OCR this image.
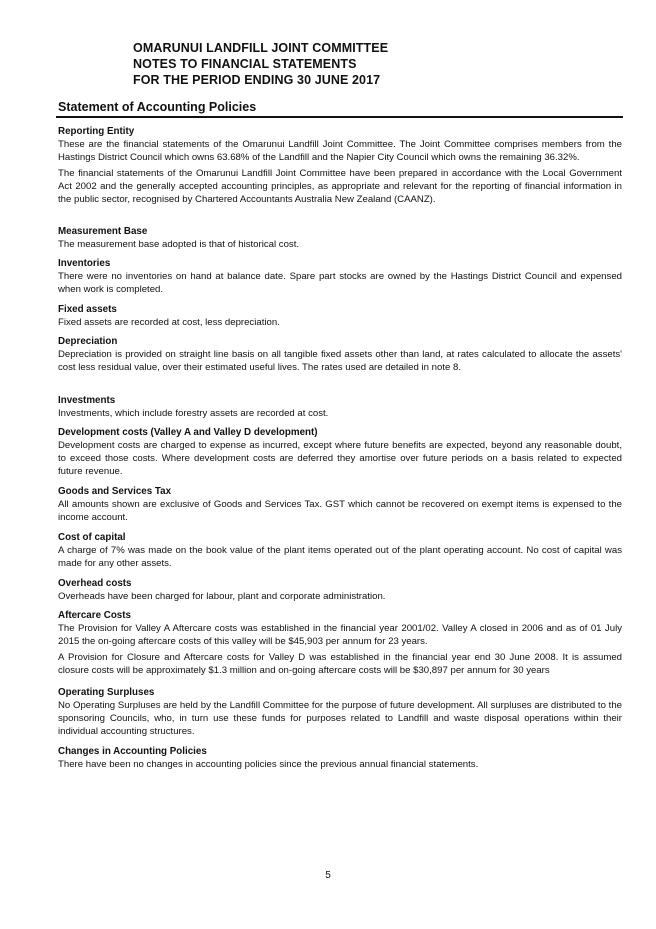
OMARUNUI LANDFILL JOINT COMMITTEE
NOTES TO FINANCIAL STATEMENTS
FOR THE PERIOD ENDING 30 JUNE 2017
Statement of Accounting Policies
Reporting Entity

These are the financial statements of the Omarunui Landfill Joint Committee. The Joint Committee comprises members from the Hastings District Council which owns 63.68% of the Landfill and the Napier City Council which owns the remaining 36.32%.

The financial statements of the Omarunui Landfill Joint Committee have been prepared in accordance with the Local Government Act 2002 and the generally accepted accounting principles, as appropriate and relevant for the reporting of financial information in the public sector, recognised by Chartered Accountants Australia New Zealand (CAANZ).

Measurement Base

The measurement base adopted is that of historical cost.

Inventories

There were no inventories on hand at balance date. Spare part stocks are owned by the Hastings District Council and expensed when work is completed.

Fixed assets

Fixed assets are recorded at cost, less depreciation.

Depreciation

Depreciation is provided on straight line basis on all tangible fixed assets other than land, at rates calculated to allocate the assets' cost less residual value, over their estimated useful lives. The rates used are detailed in note 8.

Investments

Investments, which include forestry assets are recorded at cost.

Development costs (Valley A and Valley D development)

Development costs are charged to expense as incurred, except where future benefits are expected, beyond any reasonable doubt, to exceed those costs. Where development costs are deferred they amortise over future periods on a basis related to expected future revenue.

Goods and Services Tax

All amounts shown are exclusive of Goods and Services Tax. GST which cannot be recovered on exempt items is expensed to the income account.

Cost of capital

A charge of 7% was made on the book value of the plant items operated out of the plant operating account. No cost of capital was made for any other assets.

Overhead costs

Overheads have been charged for labour, plant and corporate administration.

Aftercare Costs

The Provision for Valley A Aftercare costs was established in the financial year 2001/02. Valley A closed in 2006 and as of 01 July 2015 the on-going aftercare costs of this valley will be $45,903 per annum for 23 years.

A Provision for Closure and Aftercare costs for Valley D was established in the financial year end 30 June 2008. It is assumed closure costs will be approximately $1.3 million and on-going aftercare costs will be $30,897 per annum for 30 years

Operating Surpluses

No Operating Surpluses are held by the Landfill Committee for the purpose of future development. All surpluses are distributed to the sponsoring Councils, who, in turn use these funds for purposes related to Landfill and waste disposal operations within their individual accounting structures.

Changes in Accounting Policies

There have been no changes in accounting policies since the previous annual financial statements.

5
